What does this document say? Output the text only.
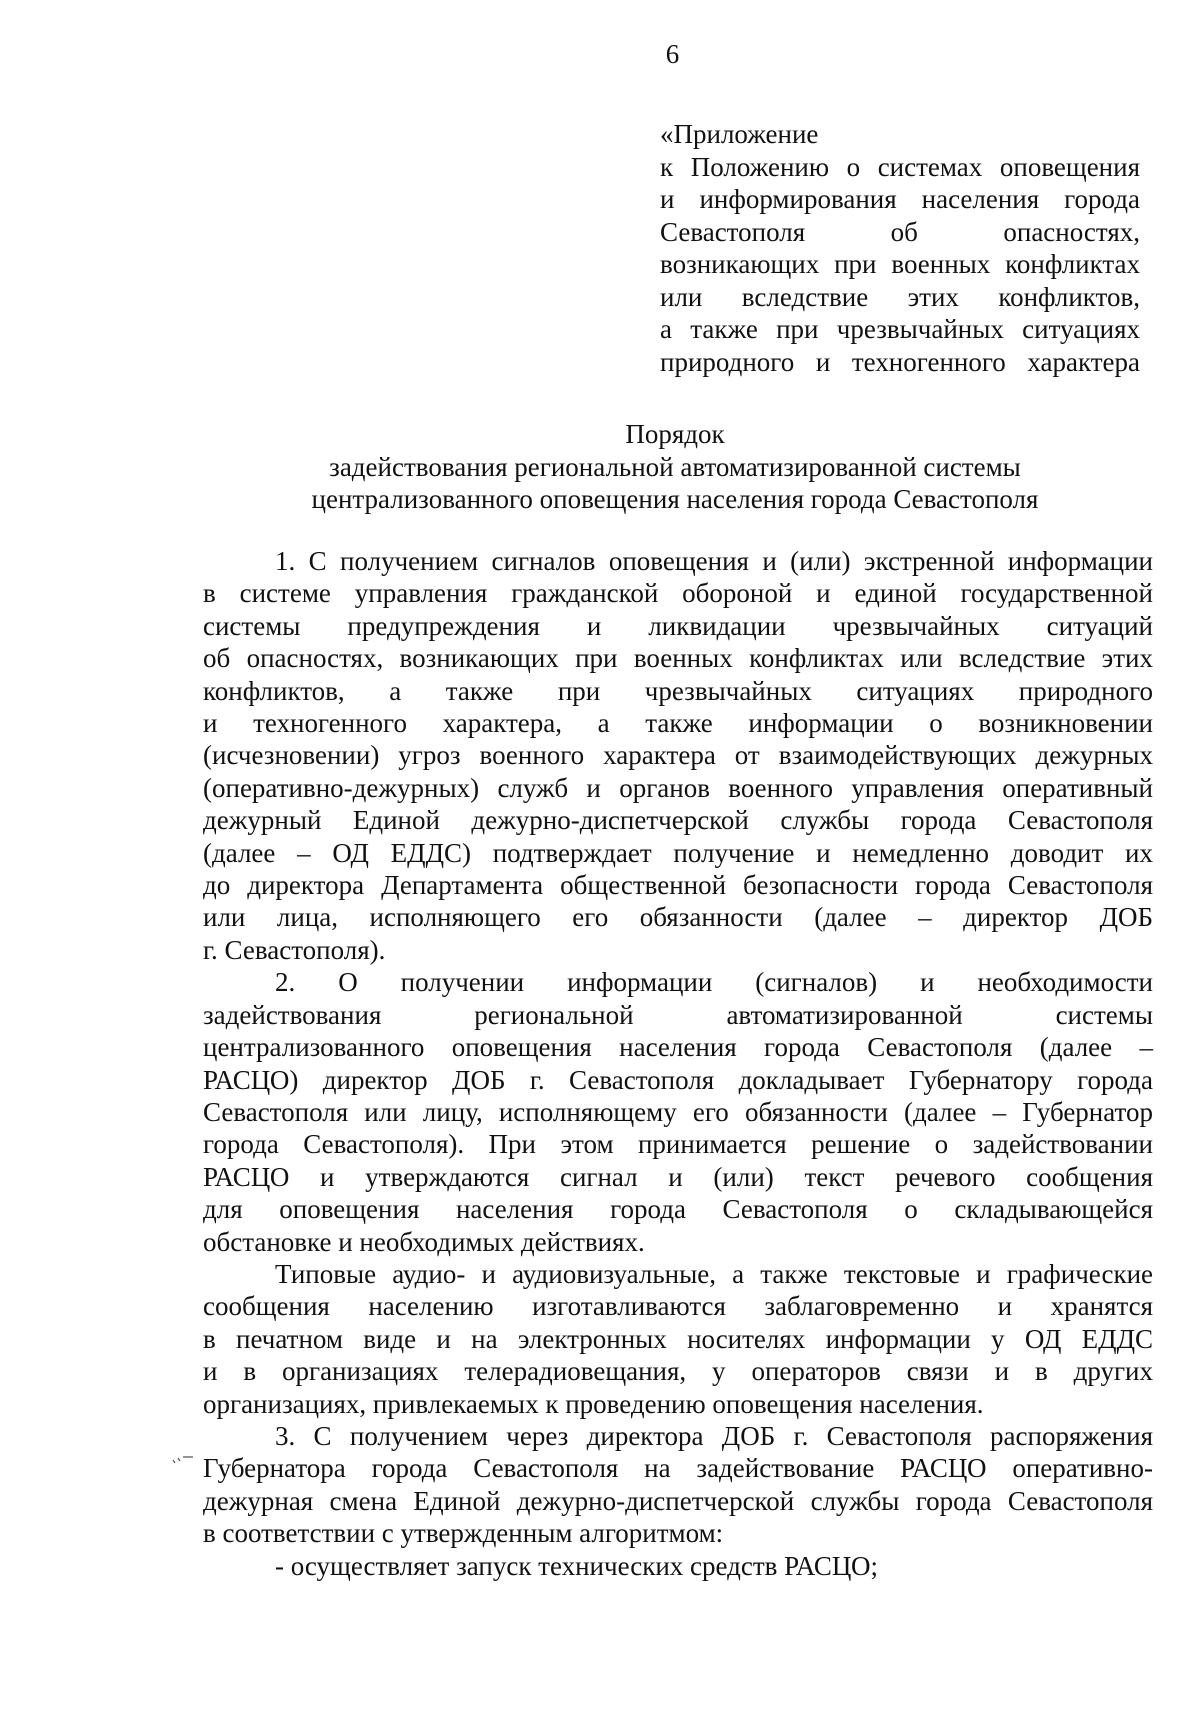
6
«Приложение
к Положению о системах оповещения
и информирования населения города
Севастополя об опасностях,
возникающих при военных конфликтах
или вследствие этих конфликтов,
а также при чрезвычайных ситуациях
природного и техногенного характера
Порядок
задействования региональной автоматизированной системы
централизованного оповещения населения города Севастополя
1. С получением сигналов оповещения и (или) экстренной информации
в системе управления гражданской обороной и единой государственной
системы предупреждения и ликвидации чрезвычайных ситуаций
об опасностях, возникающих при военных конфликтах или вследствие этих
конфликтов, а также при чрезвычайных ситуациях природного
и техногенного характера, а также информации о возникновении
(исчезновении) угроз военного характера от взаимодействующих дежурных
(оперативно-дежурных) служб и органов военного управления оперативный
дежурный Единой дежурно-диспетчерской службы города Севастополя
(далее – ОД ЕДДС) подтверждает получение и немедленно доводит их
до директора Департамента общественной безопасности города Севастополя
или лица, исполняющего его обязанности (далее – директор ДОБ
г. Севастополя).
2. О получении информации (сигналов) и необходимости
задействования региональной автоматизированной системы
централизованного оповещения населения города Севастополя (далее –
РАСЦО) директор ДОБ г. Севастополя докладывает Губернатору города
Севастополя или лицу, исполняющему его обязанности (далее – Губернатор
города Севастополя). При этом принимается решение о задействовании
РАСЦО и утверждаются сигнал и (или) текст речевого сообщения
для оповещения населения города Севастополя о складывающейся
обстановке и необходимых действиях.
Типовые аудио- и аудиовизуальные, а также текстовые и графические
сообщения населению изготавливаются заблаговременно и хранятся
в печатном виде и на электронных носителях информации у ОД ЕДДС
и в организациях телерадиовещания, у операторов связи и в других
организациях, привлекаемых к проведению оповещения населения.
3. С получением через директора ДОБ г. Севастополя распоряжения
Губернатора города Севастополя на задействование РАСЦО оперативно-
дежурная смена Единой дежурно-диспетчерской службы города Севастополя
в соответствии с утвержденным алгоритмом:
- осуществляет запуск технических средств РАСЦО;
